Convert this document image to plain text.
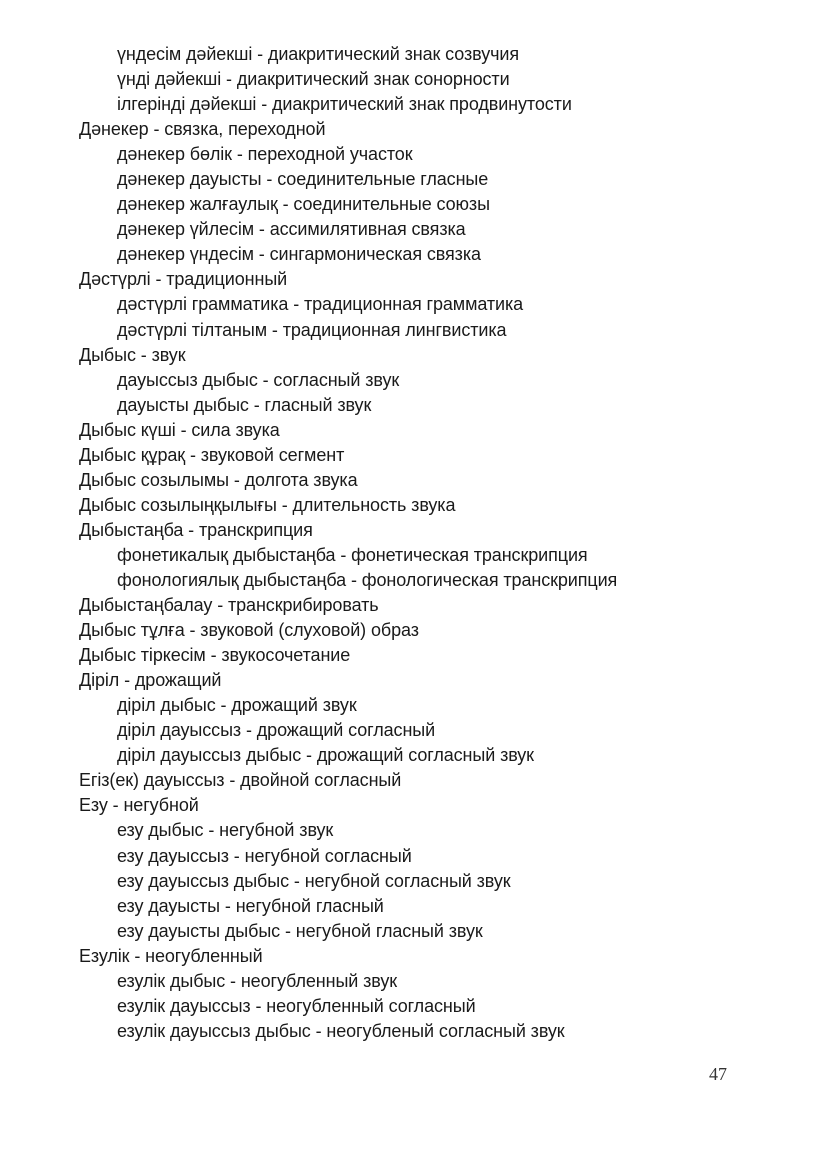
үндесім дәйекші - диакритический знак созвучия
үнді дәйекші - диакритический знак сонорности
ілгерінді дәйекші - диакритический знак продвинутости
Дәнекер - связка, переходной
дәнекер бөлік - переходной участок
дәнекер дауысты - соединительные гласные
дәнекер жалғаулық - соединительные союзы
дәнекер үйлесім - ассимилятивная связка
дәнекер үндесім - сингармоническая связка
Дәстүрлі - традиционный
дәстүрлі грамматика - традиционная грамматика
дәстүрлі тілтаным - традиционная лингвистика
Дыбыс - звук
дауыссыз дыбыс - согласный звук
дауысты дыбыс - гласный звук
Дыбыс күші - сила звука
Дыбыс құрақ - звуковой сегмент
Дыбыс созылымы - долгота звука
Дыбыс созылыңқылығы - длительность звука
Дыбыстаңба - транскрипция
фонетикалық дыбыстаңба - фонетическая транскрипция
фонологиялық дыбыстаңба - фонологическая транскрипция
Дыбыстаңбалау - транскрибировать
Дыбыс тұлға - звуковой (слуховой) образ
Дыбыс тіркесім - звукосочетание
Діріл - дрожащий
діріл дыбыс - дрожащий звук
діріл дауыссыз - дрожащий согласный
діріл дауыссыз дыбыс - дрожащий согласный звук
Егіз(ек) дауыссыз - двойной согласный
Езу - негубной
езу дыбыс - негубной звук
езу дауыссыз - негубной согласный
езу дауыссыз дыбыс - негубной согласный звук
езу дауысты - негубной гласный
езу дауысты дыбыс - негубной гласный звук
Езулік - неогубленный
езулік дыбыс - неогубленный звук
езулік дауыссыз - неогубленный согласный
езулік дауыссыз дыбыс - неогубленый согласный звук
47
